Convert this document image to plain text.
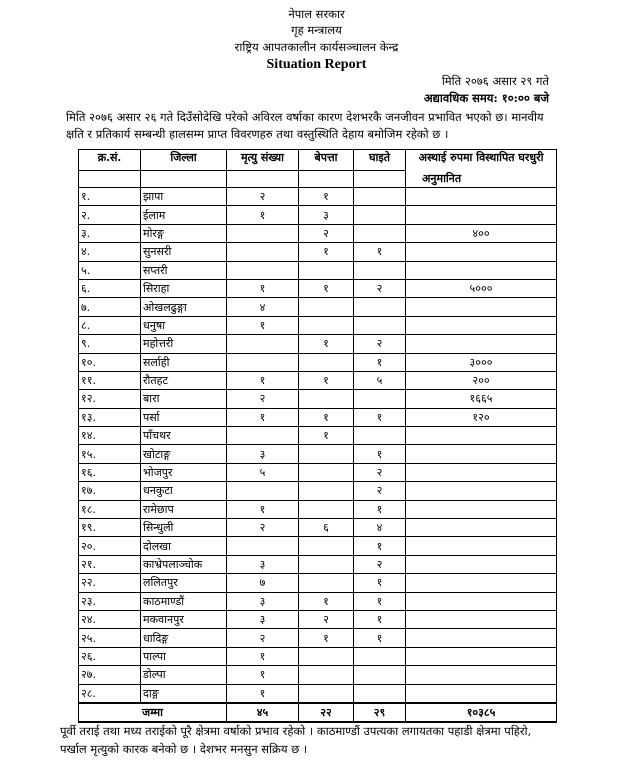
नेपाल सरकार
गृह मन्त्रालय
राष्ट्रिय आपतकालीन कार्यसञ्चालन केन्द्र
Situation Report
मिति २०७६ असार २९ गते
अद्यावधिक समय: १०:०० बजे
मिति २०७६ असार २६ गते दिउँसोदेखि परेको अविरल वर्षाका कारण देशभरकै जनजीवन प्रभावित भएको छ। मानवीय क्षति र प्रतिकार्य सम्बन्धी हालसम्म प्राप्त विवरणहरु तथा वस्तुस्थिति देहाय बमोजिम रहेको छ ।
क्र.सं.	जिल्ला	मृत्यु संख्या	बेपत्ता	घाइते	अस्थाई रुपमा विस्थापित घरधुरी
					अनुमानित
१.	झापा	२	१		
२.	ईलाम	१	३		
३.	मोरङ्ग		२		४००
४.	सुनसरी		१	१	
५.	सप्तरी				
६.	सिराहा	१	१	२	५०००
७.	ओखलढुङ्गा	४			
८.	धनुषा	१			
९.	महोत्तरी		१	२	
१०.	सर्लाही			१	३०००
११.	रौतहट	१	१	५	२००
१२.	बारा	२			१६६५
१३.	पर्सा	१	१	१	१२०
१४.	पाँचथर		१		
१५.	खोटाङ्ग	३		१	
१६.	भोजपुर	५		२	
१७.	धनकुटा			२	
१८.	रामेछाप	१		१	
१९.	सिन्धुली	२	६	४	
२०.	दोलखा			१	
२१.	काभ्रेपलाञ्चोक	३		२	
२२.	ललितपुर	७		१	
२३.	काठमाण्डौं	३	१	१	
२४.	मकवानपुर	३	२	१	
२५.	धादिङ्ग	२	१	१	
२६.	पाल्पा	१			
२७.	डोल्पा	१			
२८.	दाङ्ग	१			
जम्मा		४५	२२	२९	१०३८५
पूर्वी तराई तथा मध्य तराईको पूरै क्षेत्रमा वर्षाको प्रभाव रहेको । काठमाण्डौं उपत्यका लगायतका पहाडी क्षेत्रमा पहिरो, पर्खाल मृत्युको कारक बनेको छ । देशभर मनसुन सक्रिय छ ।
